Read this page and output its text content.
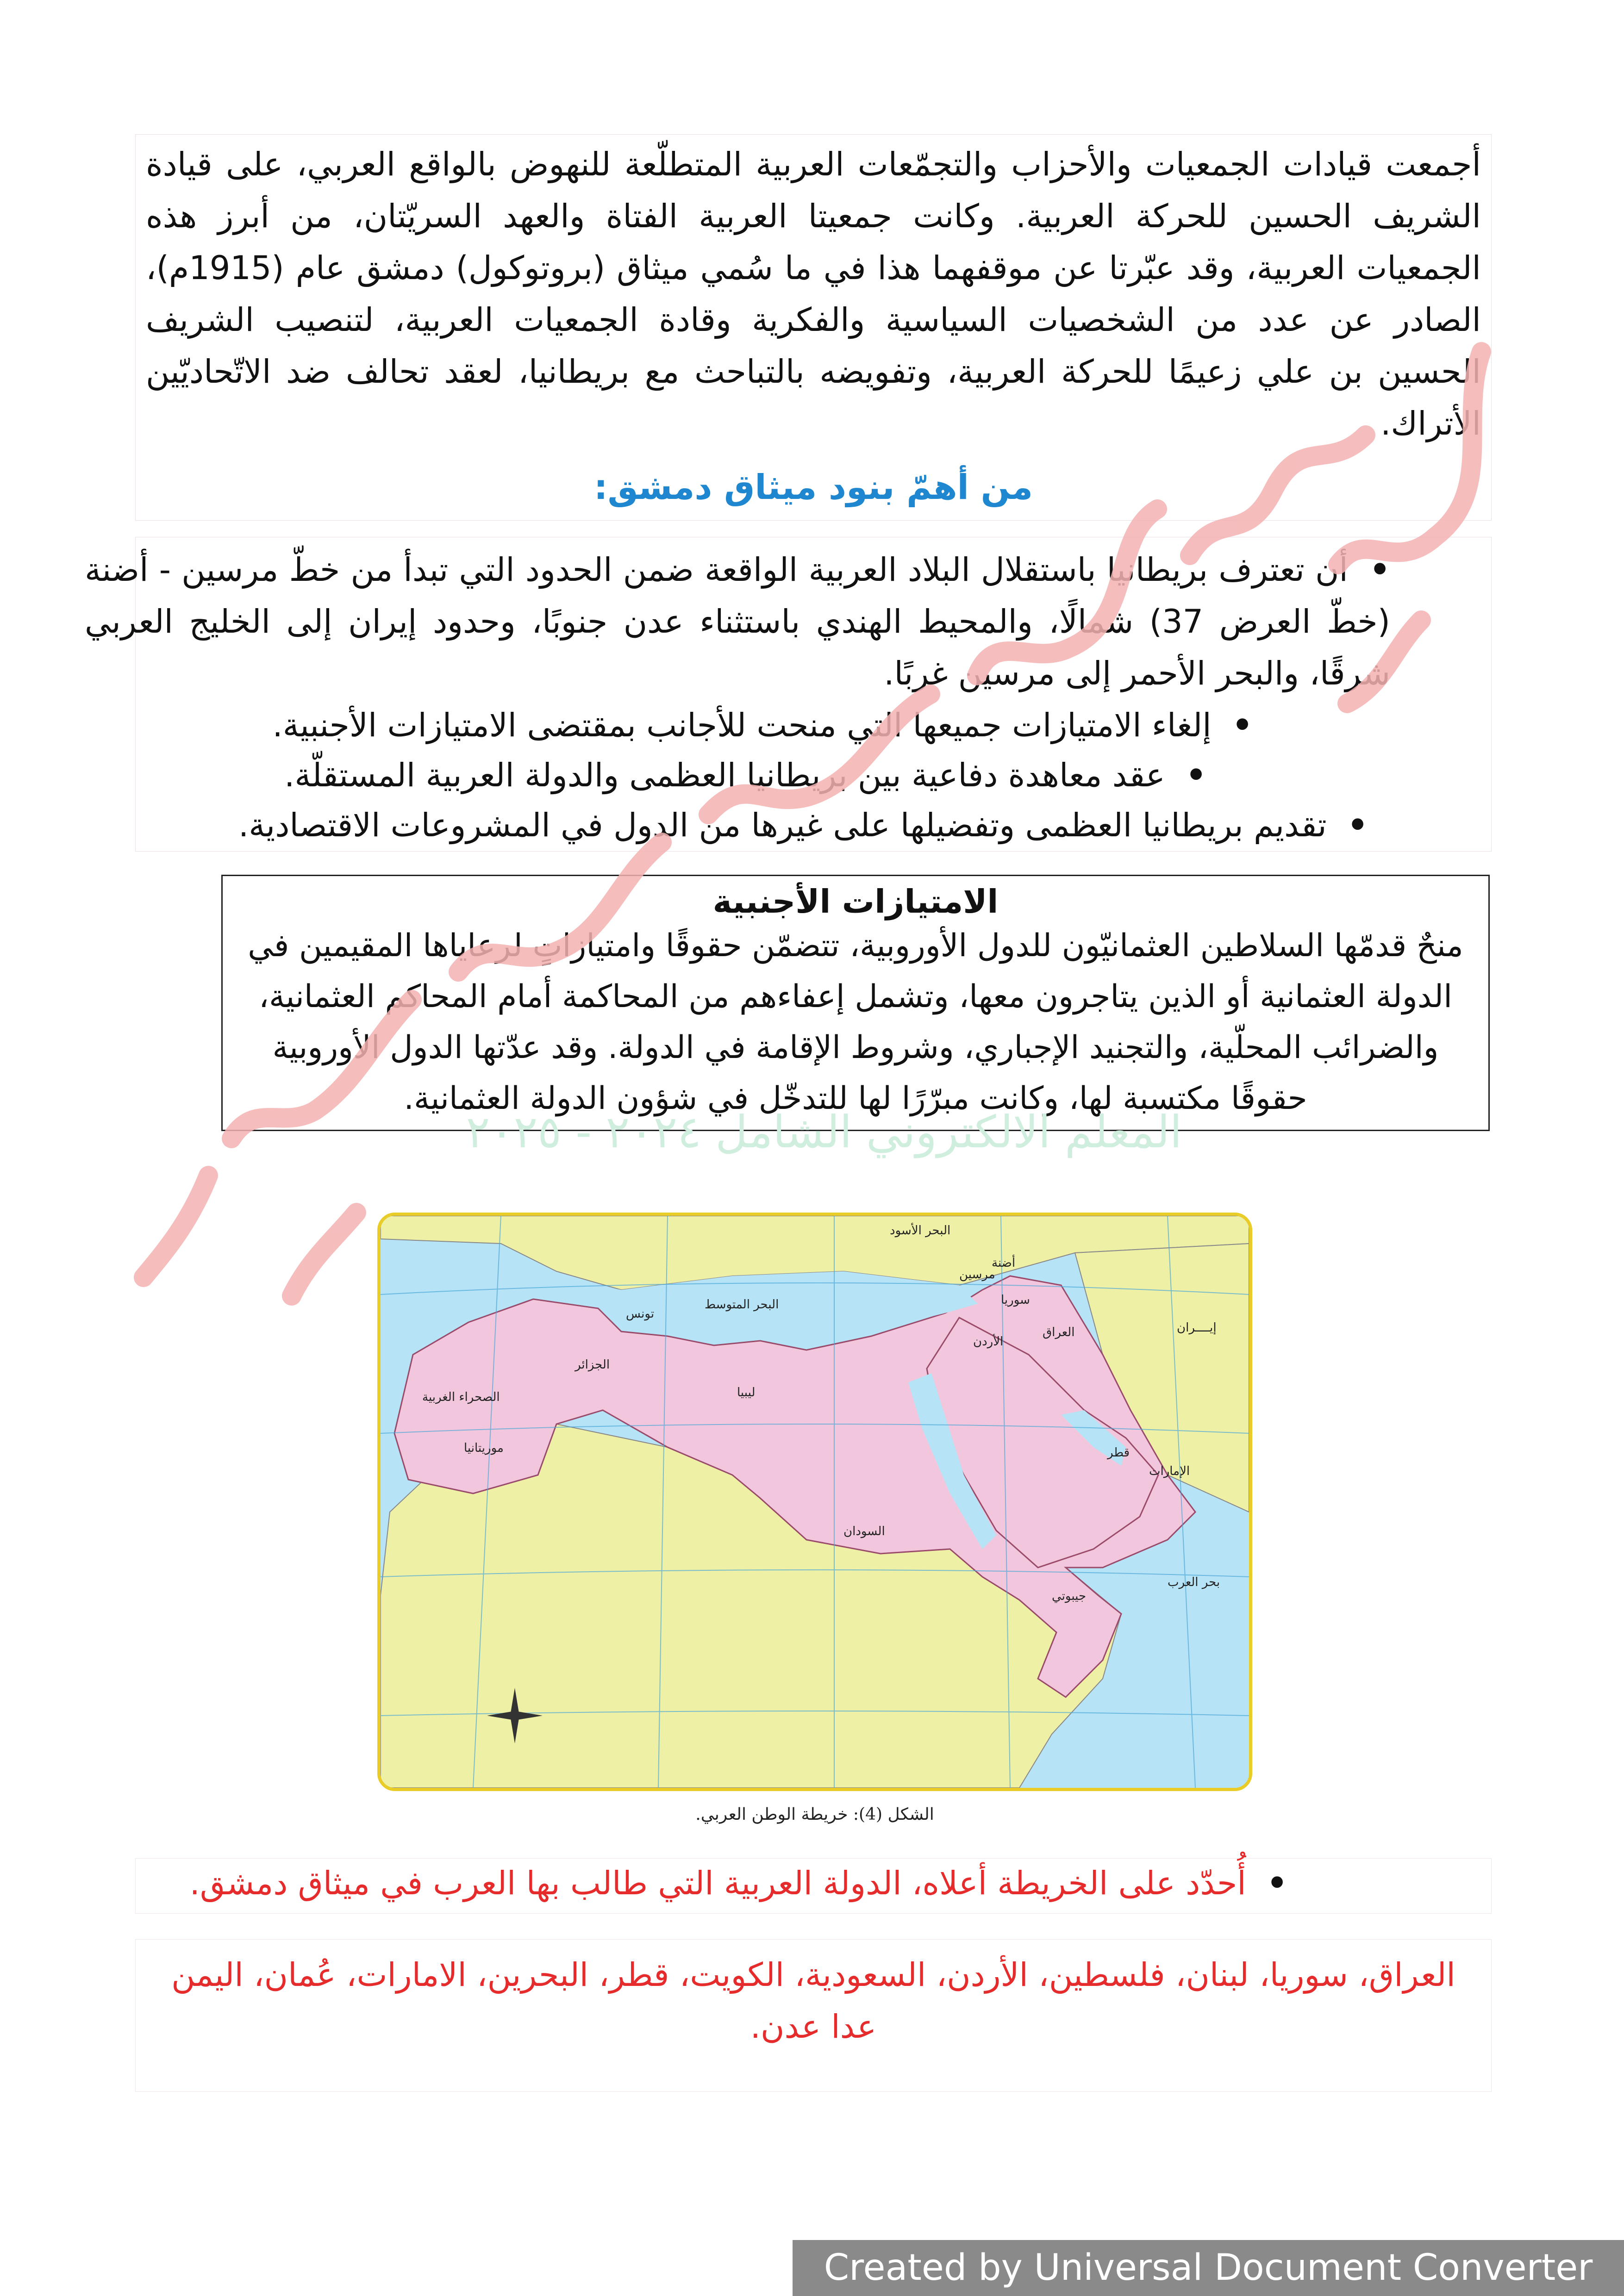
أجمعت قيادات الجمعيات والأحزاب والتجمّعات العربية المتطلّعة للنهوض بالواقع العربي، على قيادة الشريف الحسين للحركة العربية. وكانت جمعيتا العربية الفتاة والعهد السريّتان، من أبرز هذه الجمعيات العربية، وقد عبّرتا عن موقفهما هذا في ما سُمي ميثاق (بروتوكول) دمشق عام (1915م)، الصادر عن عدد من الشخصيات السياسية والفكرية وقادة الجمعيات العربية، لتنصيب الشريف الحسين بن علي زعيمًا للحركة العربية، وتفويضه بالتباحث مع بريطانيا، لعقد تحالف ضد الاتّحاديّين الأتراك.
من أهمّ بنود ميثاق دمشق:
•  أن تعترف بريطانيا باستقلال البلاد العربية الواقعة ضمن الحدود التي تبدأ من خطّ مرسين - أضنة (خطّ العرض 37) شمالًا، والمحيط الهندي باستثناء عدن جنوبًا، وحدود إيران إلى الخليج العربي شرقًا، والبحر الأحمر إلى مرسين غربًا.
•  إلغاء الامتيازات جميعها التي منحت للأجانب بمقتضى الامتيازات الأجنبية.
•  عقد معاهدة دفاعية بين بريطانيا العظمى والدولة العربية المستقلّة.
•  تقديم بريطانيا العظمى وتفضيلها على غيرها من الدول في المشروعات الاقتصادية.
الامتيازات الأجنبية
منحٌ قدمّها السلاطين العثمانيّون للدول الأوروبية، تتضمّن حقوقًا وامتيازاتٍ لرعاياها المقيمين في الدولة العثمانية أو الذين يتاجرون معها، وتشمل إعفاءهم من المحاكمة أمام المحاكم العثمانية، والضرائب المحلّية، والتجنيد الإجباري، وشروط الإقامة في الدولة. وقد عدّتها الدول الأوروبية حقوقًا مكتسبة لها، وكانت مبرّرًا لها للتدخّل في شؤون الدولة العثمانية.
المعلم الالكتروني الشامل ٢٠٢٤ - ٢٠٢٥
إيــــران
أضنة
مرسين
البحر الأسود
البحر المتوسط
الجزائر
ليبيا
موريتانيا
السودان
تونس
الصحراء الغربية
سوريا
العراق
الأردن
قطر
الإمارات
جيبوتي
بحر العرب
الشكل (4): خريطة الوطن العربي.
•  أُحدّد على الخريطة أعلاه، الدولة العربية التي طالب بها العرب في ميثاق دمشق.
العراق، سوريا، لبنان، فلسطين، الأردن، السعودية، الكويت، قطر، البحرين، الامارات، عُمان، اليمن عدا عدن.
Created by Universal Document Converter
